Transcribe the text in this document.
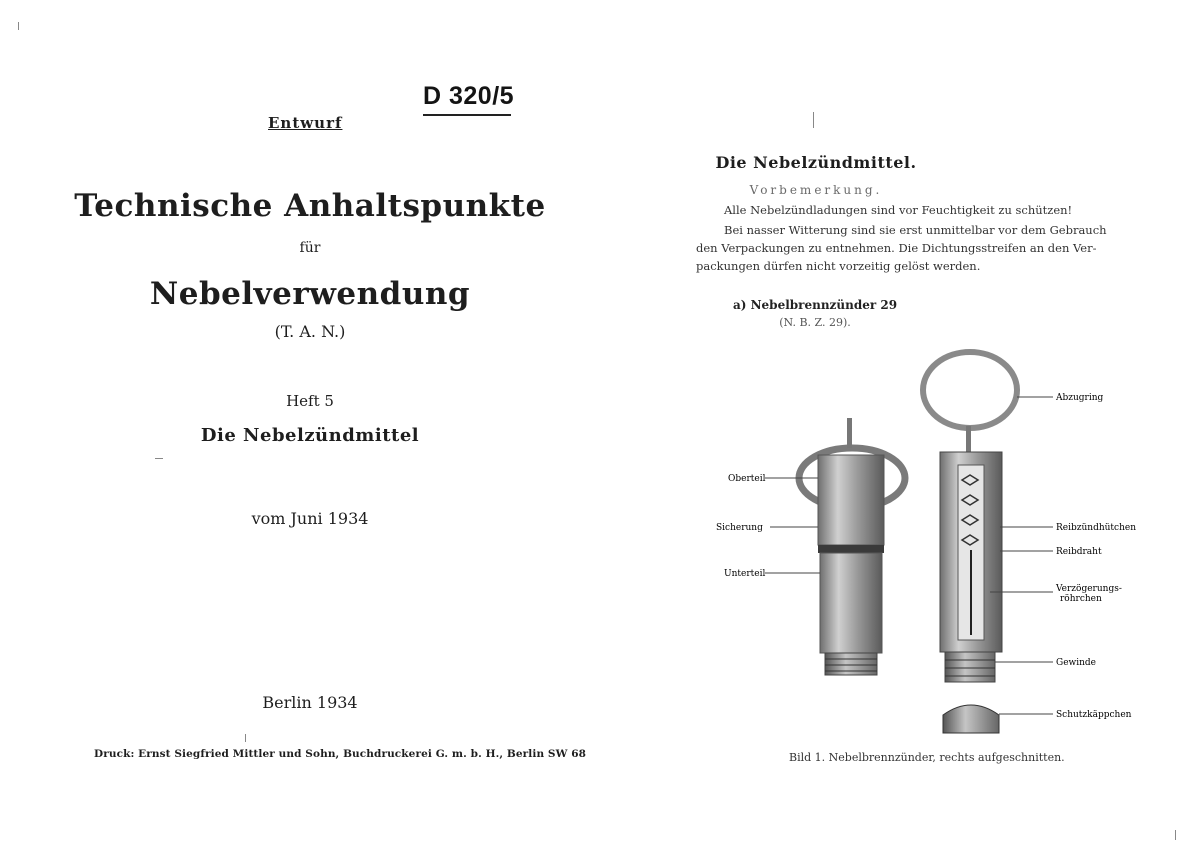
D 320/5
Entwurf
Technische Anhaltspunkte
für
Nebelverwendung
(T. A. N.)
Heft 5
Die Nebelzündmittel
vom Juni 1934
Berlin 1934
Druck: Ernst Siegfried Mittler und Sohn, Buchdruckerei G. m. b. H., Berlin SW 68
Die Nebelzündmittel.
Vorbemerkung.
Alle Nebelzündladungen sind vor Feuchtigkeit zu schützen!
Bei nasser Witterung sind sie erst unmittelbar vor dem Gebrauch
den Verpackungen zu entnehmen. Die Dichtungsstreifen an den Ver-
packungen dürfen nicht vorzeitig gelöst werden.
a) Nebelbrennzünder 29
(N. B. Z. 29).
Oberteil
Sicherung
Unterteil
Abzugring
Reibzündhütchen
Reibdraht
Verzögerungs-
röhrchen
Gewinde
Schutzkäppchen
Bild 1. Nebelbrennzünder, rechts aufgeschnitten.
